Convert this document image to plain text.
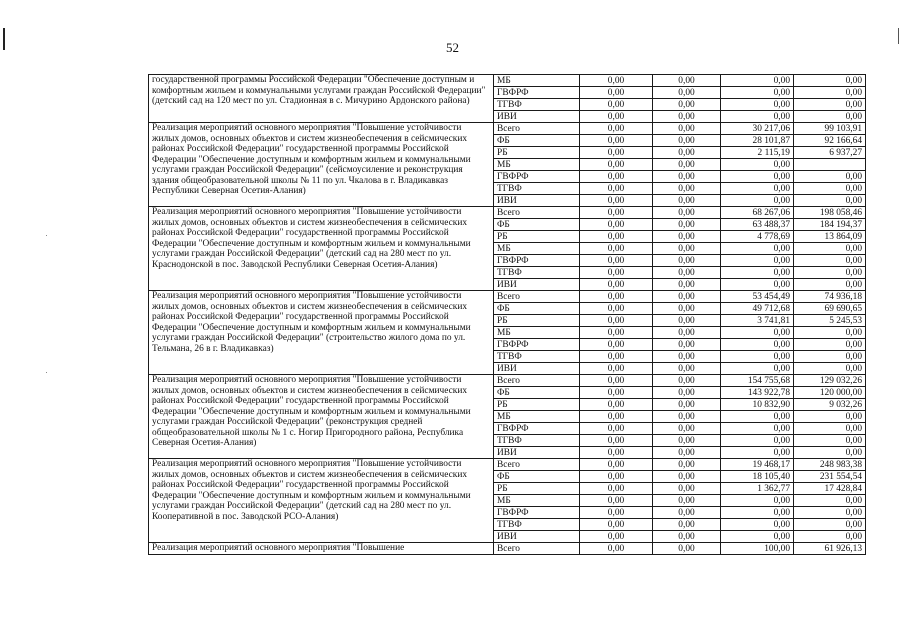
52
государственной программы Российской Федерации "Обеспечение доступным и комфортным жильем и коммунальными услугами граждан Российской Федерации" (детский сад на 120 мест по ул. Стадионная в с. Мичурино Ардонского района)	МБ	0,00	0,00	0,00	0,00
	ГВФРФ	0,00	0,00	0,00	0,00
	ТГВФ	0,00	0,00	0,00	0,00
	ИВИ	0,00	0,00	0,00	0,00
Реализация мероприятий основного мероприятия "Повышение устойчивости жилых домов, основных объектов и систем жизнеобеспечения в сейсмических районах Российской Федерации" государственной программы Российской Федерации "Обеспечение доступным и комфортным жильем и коммунальными услугами граждан Российской Федерации" (сейсмоусиление и реконструкция здания общеобразовательной школы № 11 по ул. Чкалова в г. Владикавказ Республики Северная Осетия-Алания)	Всего	0,00	0,00	30 217,06	99 103,91
	ФБ	0,00	0,00	28 101,87	92 166,64
	РБ	0,00	0,00	2 115,19	6 937,27
	МБ	0,00	0,00	0,00	
	ГВФРФ	0,00	0,00	0,00	0,00
	ТГВФ	0,00	0,00	0,00	0,00
	ИВИ	0,00	0,00	0,00	0,00
Реализация мероприятий основного мероприятия "Повышение устойчивости жилых домов, основных объектов и систем жизнеобеспечения в сейсмических районах Российской Федерации" государственной программы Российской Федерации "Обеспечение доступным и комфортным жильем и коммунальными услугами граждан Российской Федерации" (детский сад на 280 мест по ул. Краснодонской в пос. Заводской Республики Северная Осетия-Алания)	Всего	0,00	0,00	68 267,06	198 058,46
	ФБ	0,00	0,00	63 488,37	184 194,37
	РБ	0,00	0,00	4 778,69	13 864,09
	МБ	0,00	0,00	0,00	0,00
	ГВФРФ	0,00	0,00	0,00	0,00
	ТГВФ	0,00	0,00	0,00	0,00
	ИВИ	0,00	0,00	0,00	0,00
Реализация мероприятий основного мероприятия "Повышение устойчивости жилых домов, основных объектов и систем жизнеобеспечения в сейсмических районах Российской Федерации" государственной программы Российской Федерации "Обеспечение доступным и комфортным жильем и коммунальными услугами граждан Российской Федерации" (строительство жилого дома по ул. Тельмана, 26 в г. Владикавказ)	Всего	0,00	0,00	53 454,49	74 936,18
	ФБ	0,00	0,00	49 712,68	69 690,65
	РБ	0,00	0,00	3 741,81	5 245,53
	МБ	0,00	0,00	0,00	0,00
	ГВФРФ	0,00	0,00	0,00	0,00
	ТГВФ	0,00	0,00	0,00	0,00
	ИВИ	0,00	0,00	0,00	0,00
Реализация мероприятий основного мероприятия "Повышение устойчивости жилых домов, основных объектов и систем жизнеобеспечения в сейсмических районах Российской Федерации" государственной программы Российской Федерации "Обеспечение доступным и комфортным жильем и коммунальными услугами граждан Российской Федерации" (реконструкция средней общеобразовательной школы № 1 с. Ногир Пригородного района, Республика Северная Осетия-Алания)	Всего	0,00	0,00	154 755,68	129 032,26
	ФБ	0,00	0,00	143 922,78	120 000,00
	РБ	0,00	0,00	10 832,90	9 032,26
	МБ	0,00	0,00	0,00	0,00
	ГВФРФ	0,00	0,00	0,00	0,00
	ТГВФ	0,00	0,00	0,00	0,00
	ИВИ	0,00	0,00	0,00	0,00
Реализация мероприятий основного мероприятия "Повышение устойчивости жилых домов, основных объектов и систем жизнеобеспечения в сейсмических районах Российской Федерации" государственной программы Российской Федерации "Обеспечение доступным и комфортным жильем и коммунальными услугами граждан Российской Федерации" (детский сад на 280 мест по ул. Кооперативной в пос. Заводской РСО-Алания)	Всего	0,00	0,00	19 468,17	248 983,38
	ФБ	0,00	0,00	18 105,40	231 554,54
	РБ	0,00	0,00	1 362,77	17 428,84
	МБ	0,00	0,00	0,00	0,00
	ГВФРФ	0,00	0,00	0,00	0,00
	ТГВФ	0,00	0,00	0,00	0,00
	ИВИ	0,00	0,00	0,00	0,00
Реализация мероприятий основного мероприятия "Повышение	Всего	0,00	0,00	100,00	61 926,13
